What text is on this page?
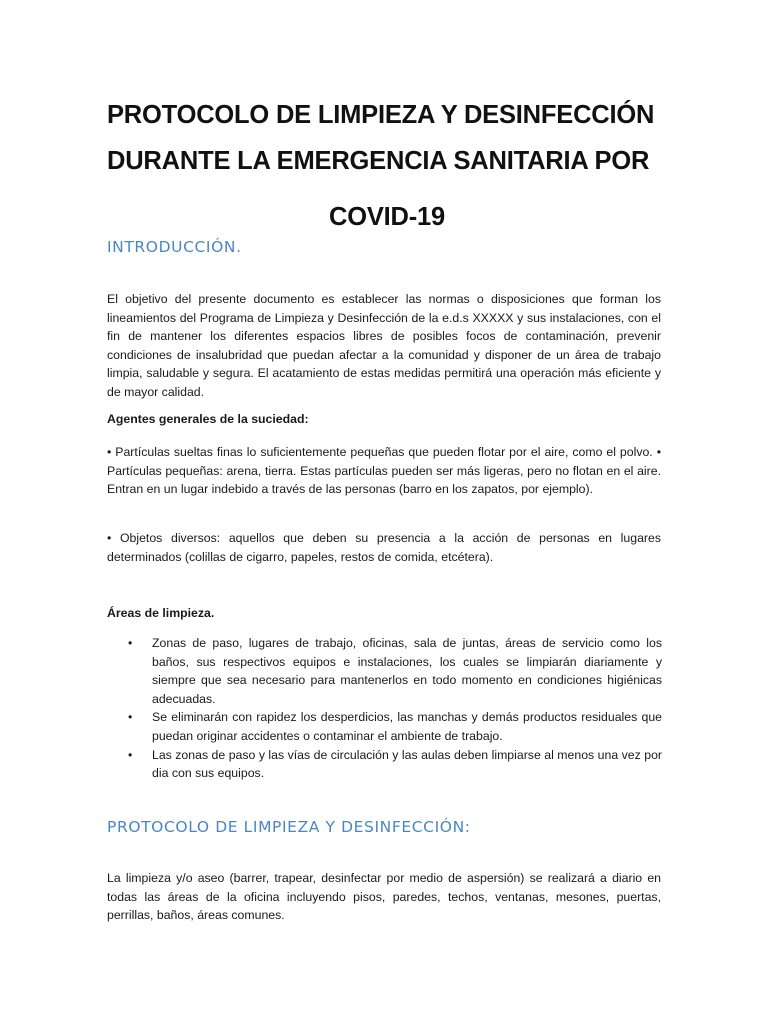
PROTOCOLO DE LIMPIEZA Y DESINFECCIÓN
DURANTE LA EMERGENCIA SANITARIA POR
COVID-19
INTRODUCCIÓN.

El objetivo del presente documento es establecer las normas o disposiciones que forman los lineamientos del Programa de Limpieza y Desinfección de la e.d.s XXXXX y sus instalaciones, con el fin de mantener los diferentes espacios libres de posibles focos de contaminación, prevenir condiciones de insalubridad que puedan afectar a la comunidad y disponer de un área de trabajo limpia, saludable y segura. El acatamiento de estas medidas permitirá una operación más eficiente y de mayor calidad.

Agentes generales de la suciedad:

• Partículas sueltas finas lo suficientemente pequeñas que pueden flotar por el aire, como el polvo. • Partículas pequeñas: arena, tierra. Estas partículas pueden ser más ligeras, pero no flotan en el aire. Entran en un lugar indebido a través de las personas (barro en los zapatos, por ejemplo).

• Objetos diversos: aquellos que deben su presencia a la acción de personas en lugares determinados (colillas de cigarro, papeles, restos de comida, etcétera).

Áreas de limpieza.
• Zonas de paso, lugares de trabajo, oficinas, sala de juntas, áreas de servicio como los baños, sus respectivos equipos e instalaciones, los cuales se limpiarán diariamente y siempre que sea necesario para mantenerlos en todo momento en condiciones higiénicas adecuadas.
• Se eliminarán con rapidez los desperdicios, las manchas y demás productos residuales que puedan originar accidentes o contaminar el ambiente de trabajo.
• Las zonas de paso y las vías de circulación y las aulas deben limpiarse al menos una vez por dia con sus equipos.
PROTOCOLO DE LIMPIEZA Y DESINFECCIÓN:

La limpieza y/o aseo (barrer, trapear, desinfectar por medio de aspersión) se realizará a diario en todas las áreas de la oficina incluyendo pisos, paredes, techos, ventanas, mesones, puertas, perrillas, baños, áreas comunes.
